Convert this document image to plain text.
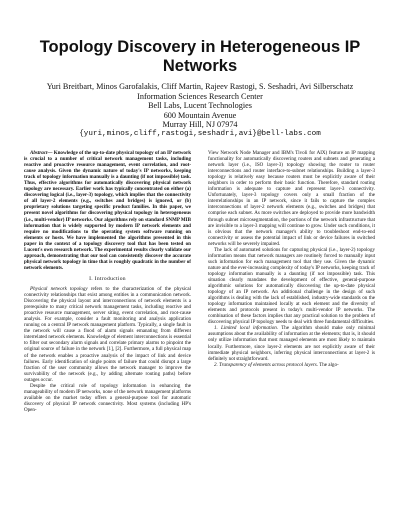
Topology Discovery in Heterogeneous IP
Networks
Yuri Breitbart, Minos Garofalakis, Cliff Martin, Rajeev Rastogi, S. Seshadri, Avi Silberschatz
Information Sciences Research Center
Bell Labs, Lucent Technologies
600 Mountain Avenue
Murray Hill, NJ 07974
{yuri,minos,cliff,rastogi,seshadri,avi}@bell-labs.com

Abstract— Knowledge of the up-to-date physical topology of an IP network is crucial to a number of critical network management tasks, including reactive and proactive resource management, event correlation, and root-cause analysis. Given the dynamic nature of today's IP networks, keeping track of topology information manually is a daunting (if not impossible) task. Thus, effective algorithms for automatically discovering physical network topology are necessary. Earlier work has typically concentrated on either (a) discovering logical (i.e., layer-3) topology, which implies that the connectivity of all layer-2 elements (e.g., switches and bridges) is ignored, or (b) proprietary solutions targeting specific product families. In this paper, we present novel algorithms for discovering physical topology in heterogeneous (i.e., multi-vendor) IP networks. Our algorithms rely on standard SNMP MIB information that is widely supported by modern IP network elements and require no modifications to the operating system software running on elements or hosts. We have implemented the algorithms presented in this paper in the context of a topology discovery tool that has been tested on Lucent's own research network. The experimental results clearly validate our approach, demonstrating that our tool can consistently discover the accurate physical network topology in time that is roughly quadratic in the number of network elements.

I. Introduction

Physical network topology refers to the characterization of the physical connectivity relationships that exist among entities in a communication network. Discovering the physical layout and interconnections of network elements is a prerequisite to many critical network management tasks, including reactive and proactive resource management, server siting, event correlation, and root-cause analysis. For example, consider a fault monitoring and analysis application running on a central IP network management platform. Typically, a single fault in the network will cause a flood of alarm signals emanating from different interrelated network elements. Knowledge of element interconnections is essential to filter out secondary alarm signals and correlate primary alarms to pinpoint the original source of failure in the network [1], [2]. Furthermore, a full physical map of the network enables a proactive analysis of the impact of link and device failures. Early identification of single points of failure that could disrupt a large fraction of the user community allows the network manager to improve the survivability of the network (e.g., by adding alternate routing paths) before outages occur.

Despite the critical role of topology information in enhancing the manageability of modern IP networks, none of the network management platforms available on the market today offers a general-purpose tool for automatic discovery of physical IP network connectivity. Most systems (including HP's Open-

View Network Node Manager and IBM's Tivoli for AIX) feature an IP mapping functionality for automatically discovering routers and subnets and generating a network layer (i.e., ISO layer-3) topology showing the router to router interconnections and router interface-to-subnet relationships. Building a layer-3 topology is relatively easy because routers must be explicitly aware of their neighbors in order to perform their basic function. Therefore, standard routing information is adequate to capture and represent layer-3 connectivity. Unfortunately, layer-3 topology covers only a small fraction of the interrelationships in an IP network, since it fails to capture the complex interconnections of layer-2 network elements (e.g., switches and bridges) that comprise each subnet. As more switches are deployed to provide more bandwidth through subnet microsegmentation, the portions of the network infrastructure that are invisible to a layer-3 mapping will continue to grow. Under such conditions, it is obvious that the network manager's ability to troubleshoot end-to-end connectivity or assess the potential impact of link or device failures in switched networks will be severely impaired.

The lack of automated solutions for capturing physical (i.e., layer-2) topology information means that network managers are routinely forced to manually input such information for each management tool that they use. Given the dynamic nature and the ever-increasing complexity of today's IP networks, keeping track of topology information manually is a daunting (if not impossible) task. This situation clearly mandates the development of effective, general-purpose algorithmic solutions for automatically discovering the up-to-date physical topology of an IP network. An additional challenge in the design of such algorithms is dealing with the lack of established, industry-wide standards on the topology information maintained locally at each element and the diversity of elements and protocols present in today's multi-vendor IP networks. The combination of these factors implies that any practical solution to the problem of discovering physical IP topology needs to deal with three fundamental difficulties.

1. Limited local information. The algorithm should make only minimal assumptions about the availability of information at the elements; that is, it should only utilize information that most managed elements are most likely to maintain locally. Furthermore, since layer-2 elements are not explicitly aware of their immediate physical neighbors, inferring physical interconnections at layer-2 is definitely not straightforward.

2. Transparency of elements across protocol layers. The algo-
